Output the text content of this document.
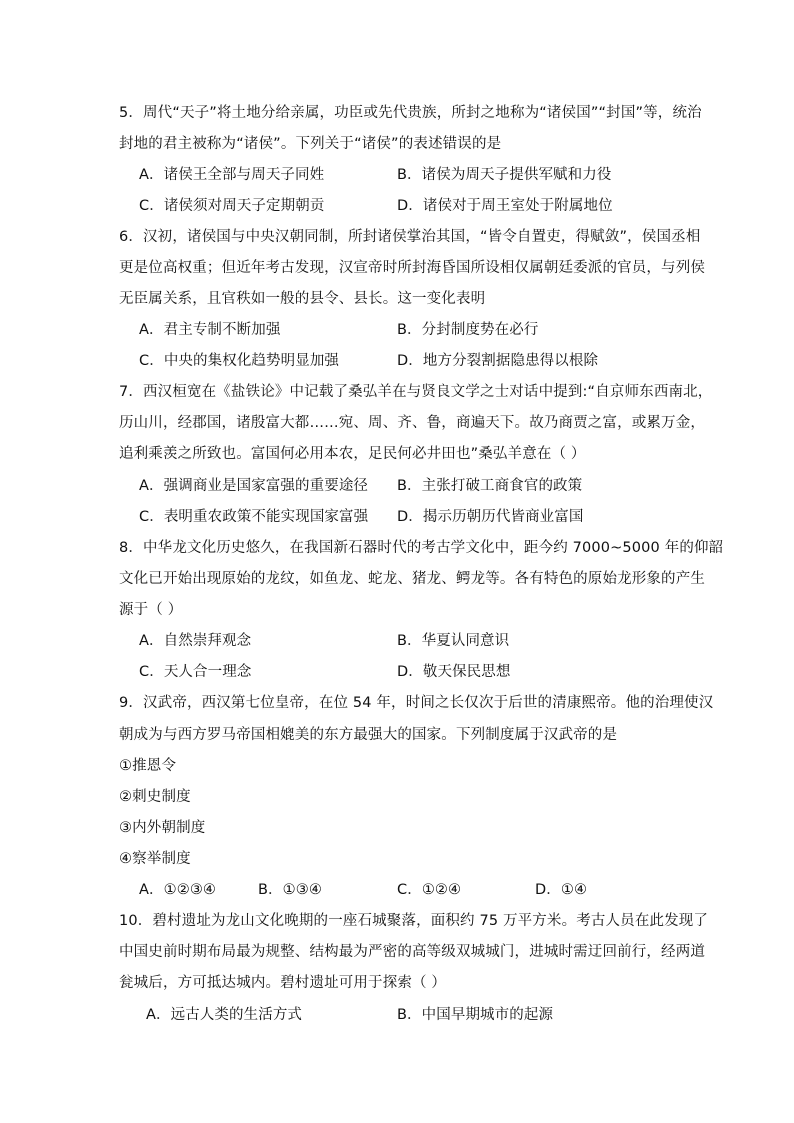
5．周代“天子”将土地分给亲属，功臣或先代贵族，所封之地称为“诸侯国”“封国”等，统治
封地的君主被称为“诸侯”。下列关于“诸侯”的表述错误的是
A．诸侯王全部与周天子同姓	B．诸侯为周天子提供军赋和力役
C．诸侯须对周天子定期朝贡	D．诸侯对于周王室处于附属地位
6．汉初，诸侯国与中央汉朝同制，所封诸侯掌治其国，“皆令自置吏，得赋敛”，侯国丞相
更是位高权重；但近年考古发现，汉宣帝时所封海昏国所设相仅属朝廷委派的官员，与列侯
无臣属关系，且官秩如一般的县令、县长。这一变化表明
A．君主专制不断加强	B．分封制度势在必行
C．中央的集权化趋势明显加强	D．地方分裂割据隐患得以根除
7．西汉桓宽在《盐铁论》中记载了桑弘羊在与贤良文学之士对话中提到:“自京师东西南北，
历山川，经郡国，诸殷富大都……宛、周、齐、鲁，商遍天下。故乃商贾之富，或累万金，
追利乘羡之所致也。富国何必用本农，足民何必井田也”桑弘羊意在（ ）
A．强调商业是国家富强的重要途径 B．主张打破工商食官的政策
C．表明重农政策不能实现国家富强 D．揭示历朝历代皆商业富国
8．中华龙文化历史悠久，在我国新石器时代的考古学文化中，距今约 7000~5000 年的仰韶
文化已开始出现原始的龙纹，如鱼龙、蛇龙、猪龙、鳄龙等。各有特色的原始龙形象的产生
源于（ ）
A．自然崇拜观念	B．华夏认同意识
C．天人合一理念	D．敬天保民思想
9．汉武帝，西汉第七位皇帝，在位 54 年，时间之长仅次于后世的清康熙帝。他的治理使汉
朝成为与西方罗马帝国相媲美的东方最强大的国家。下列制度属于汉武帝的是
①推恩令
②刺史制度
③内外朝制度
④察举制度
A．①②③④	B．①③④	C．①②④	D．①④
10．碧村遗址为龙山文化晚期的一座石城聚落，面积约 75 万平方米。考古人员在此发现了
中国史前时期布局最为规整、结构最为严密的高等级双城城门，进城时需迂回前行，经两道
瓮城后，方可抵达城内。碧村遗址可用于探索（ ）
A．远古人类的生活方式	B．中国早期城市的起源
